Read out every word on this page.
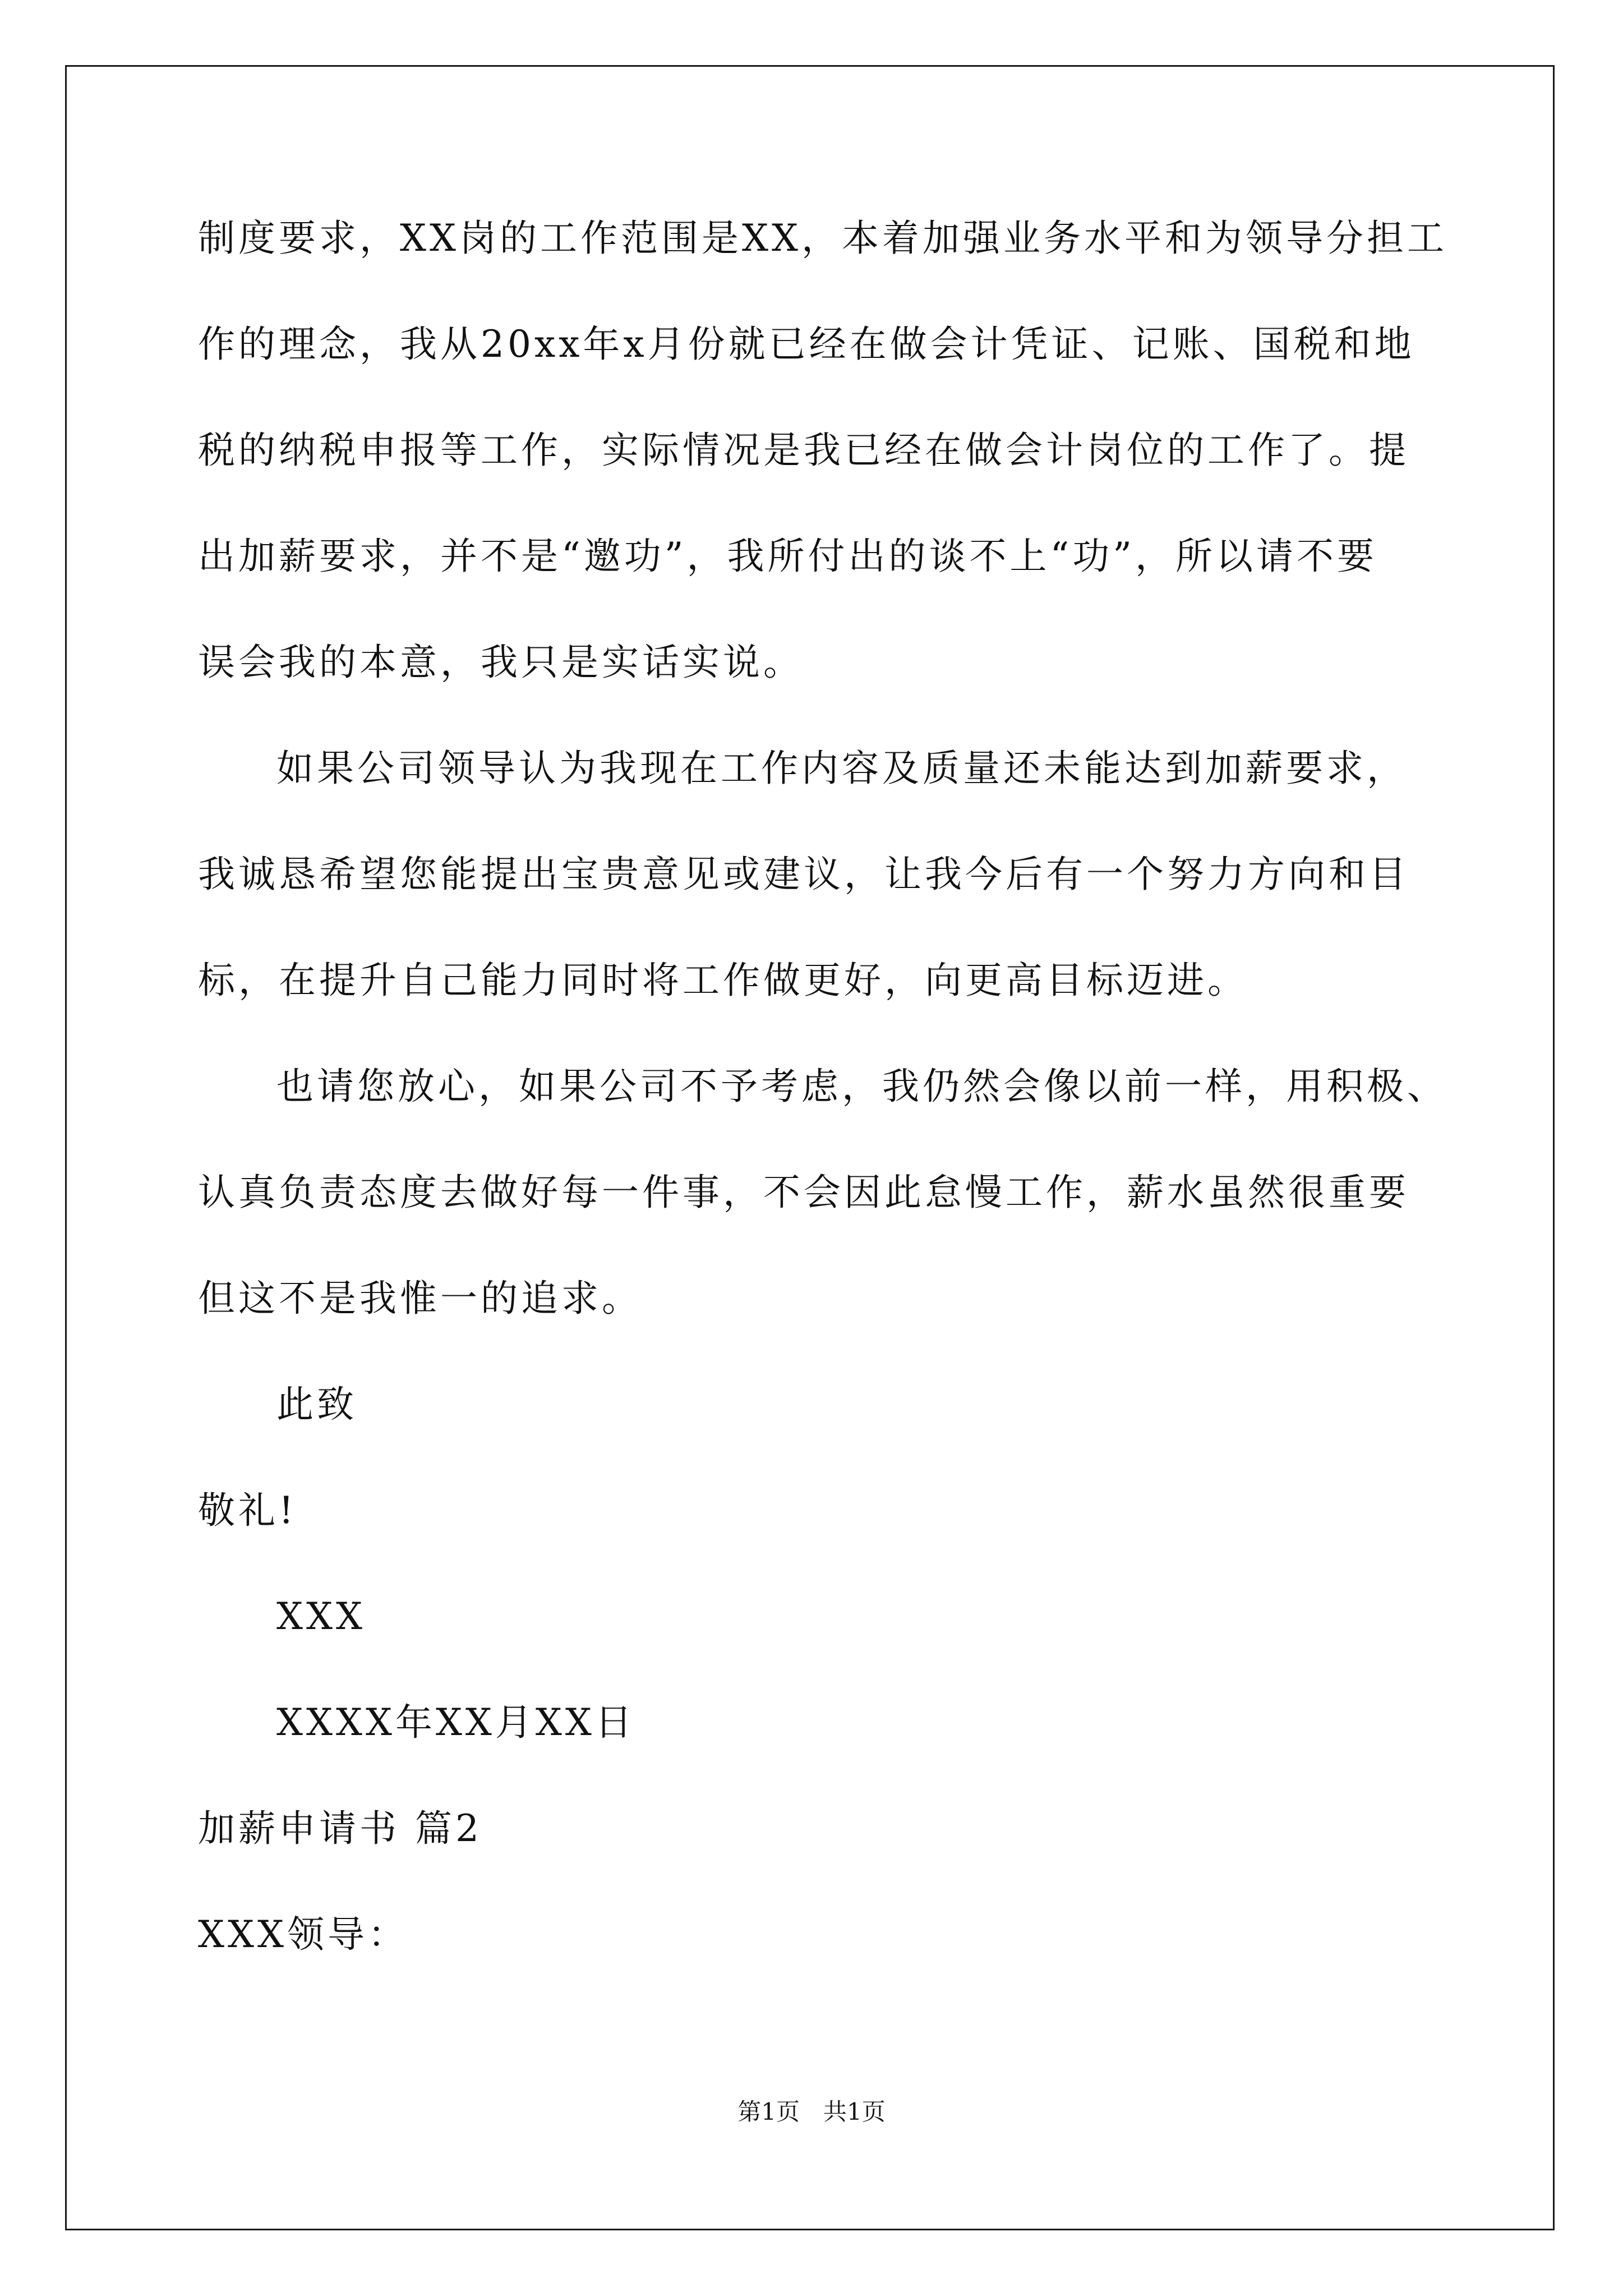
制度要求，XX岗的工作范围是XX，本着加强业务水平和为领导分担工
作的理念，我从20xx年x月份就已经在做会计凭证、记账、国税和地
税的纳税申报等工作，实际情况是我已经在做会计岗位的工作了。提
出加薪要求，并不是“邀功”，我所付出的谈不上“功”，所以请不要
误会我的本意，我只是实话实说。
如果公司领导认为我现在工作内容及质量还未能达到加薪要求，
我诚恳希望您能提出宝贵意见或建议，让我今后有一个努力方向和目
标，在提升自己能力同时将工作做更好，向更高目标迈进。
也请您放心，如果公司不予考虑，我仍然会像以前一样，用积极、
认真负责态度去做好每一件事，不会因此怠慢工作，薪水虽然很重要
但这不是我惟一的追求。
此致
敬礼!
XXX
XXXX年XX月XX日
加薪申请书 篇2
XXX领导：
第1页　共1页
